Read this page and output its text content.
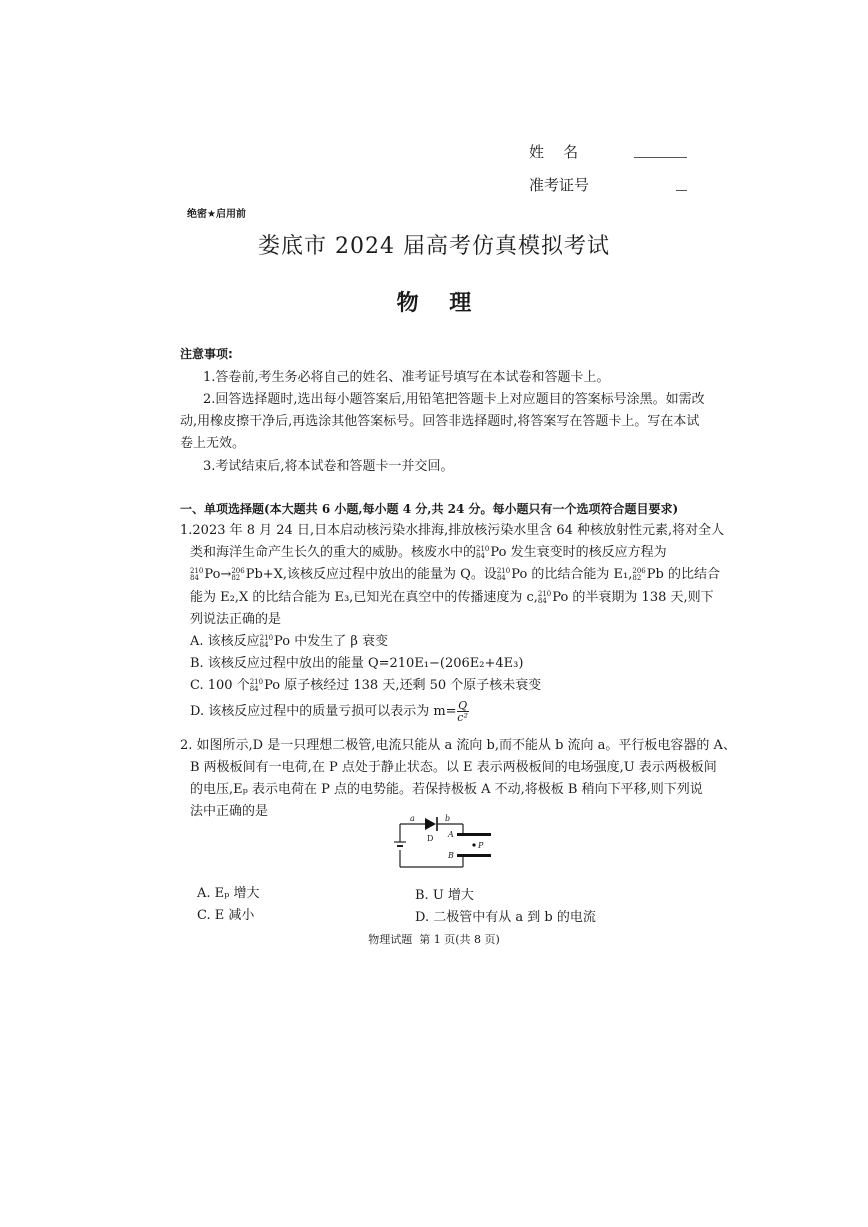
姓    名
准考证号
绝密★启用前
娄底市 2024 届高考仿真模拟考试
物    理
注意事项:
1.答卷前,考生务必将自己的姓名、准考证号填写在本试卷和答题卡上。
2.回答选择题时,选出每小题答案后,用铅笔把答题卡上对应题目的答案标号涂黑。如需改
动,用橡皮擦干净后,再选涂其他答案标号。回答非选择题时,将答案写在答题卡上。写在本试
卷上无效。
3.考试结束后,将本试卷和答题卡一并交回。
一、单项选择题(本大题共 6 小题,每小题 4 分,共 24 分。每小题只有一个选项符合题目要求)
1.2023 年 8 月 24 日,日本启动核污染水排海,排放核污染水里含 64 种核放射性元素,将对全人
类和海洋生命产生长久的重大的威胁。核废水中的 210
84 Po 发生衰变时的核反应方程为
210
84 Po→ 206
82 Pb+X,该核反应过程中放出的能量为 Q。设 210
84 Po 的比结合能为 E₁, 206
82 Pb 的比结合
能为 E₂,X 的比结合能为 E₃,已知光在真空中的传播速度为 c, 210
84 Po 的半衰期为 138 天,则下
列说法正确的是
A. 该核反应 210
84 Po 中发生了 β 衰变
B. 该核反应过程中放出的能量 Q=210E₁−(206E₂+4E₃)
C. 100 个 210
84 Po 原子核经过 138 天,还剩 50 个原子核未衰变
D. 该核反应过程中的质量亏损可以表示为 $m= \frac{Q}{\text{c²}}$
2. 如图所示,D 是一只理想二极管,电流只能从 a 流向 b,而不能从 b 流向 a。平行板电容器的 A、
B 两极板间有一电荷,在 P 点处于静止状态。以 E 表示两极板间的电场强度,U 表示两极板间
的电压,Eₚ 表示电荷在 P 点的电势能。若保持极板 A 不动,将极板 B 稍向下平移,则下列说
法中正确的是	a	b
D A
B
P
A. Eₚ 增大	B. U 增大
C. E 减小	D. 二极管中有从 a 到 b 的电流
物理试题  第 1 页(共 8 页)
